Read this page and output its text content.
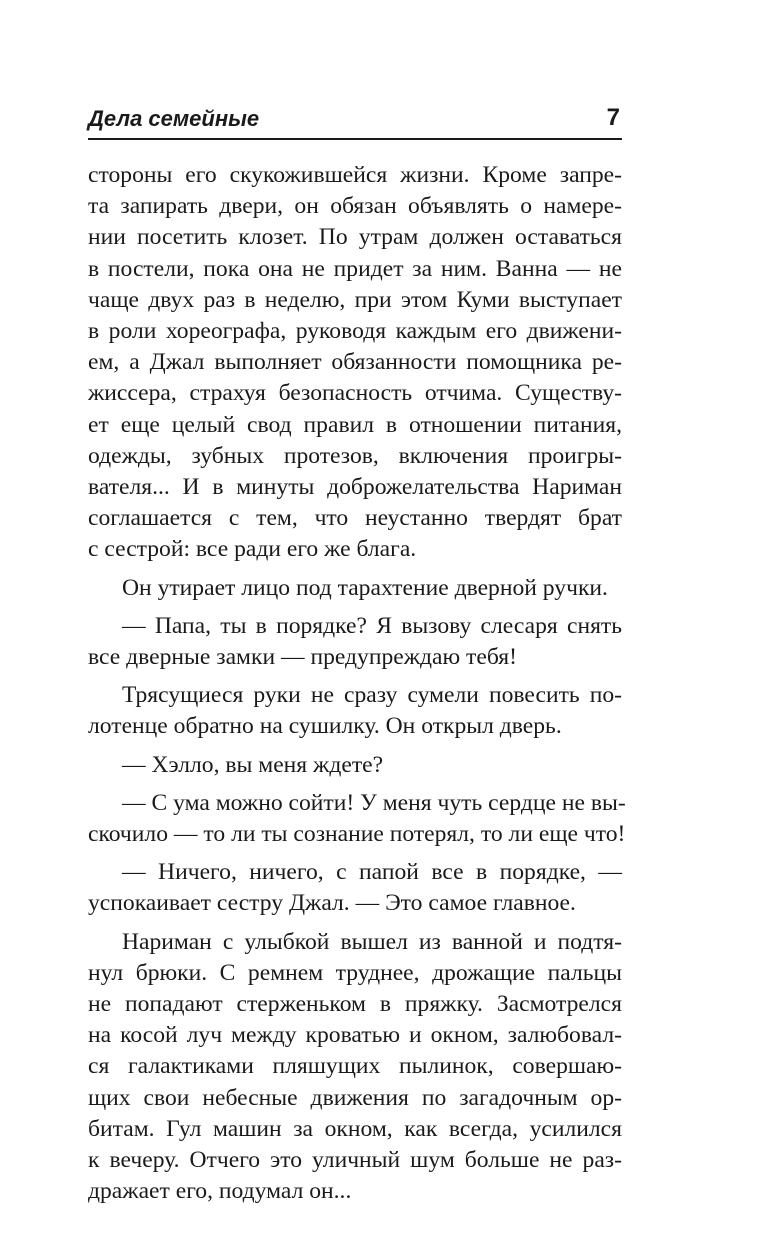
Дела семейные	7

стороны его скукожившейся жизни. Кроме запре-
та запирать двери, он обязан объявлять о намере-
нии посетить клозет. По утрам должен оставаться
в постели, пока она не придет за ним. Ванна — не
чаще двух раз в неделю, при этом Куми выступает
в роли хореографа, руководя каждым его движени-
ем, а Джал выполняет обязанности помощника ре-
жиссера, страхуя безопасность отчима. Существу-
ет еще целый свод правил в отношении питания,
одежды, зубных протезов, включения проигры-
вателя... И в минуты доброжелательства Нариман
соглашается с тем, что неустанно твердят брат
с сестрой: все ради его же блага.

Он утирает лицо под тарахтение дверной ручки.

— Папа, ты в порядке? Я вызову слесаря снять
все дверные замки — предупреждаю тебя!

Трясущиеся руки не сразу сумели повесить по-
лотенце обратно на сушилку. Он открыл дверь.

— Хэлло, вы меня ждете?

— С ума можно сойти! У меня чуть сердце не вы-
скочило — то ли ты сознание потерял, то ли еще что!

— Ничего, ничего, с папой все в порядке, —
успокаивает сестру Джал. — Это самое главное.

Нариман с улыбкой вышел из ванной и подтя-
нул брюки. С ремнем труднее, дрожащие пальцы
не попадают стерженьком в пряжку. Засмотрелся
на косой луч между кроватью и окном, залюбовал-
ся галактиками пляшущих пылинок, совершаю-
щих свои небесные движения по загадочным ор-
битам. Гул машин за окном, как всегда, усилился
к вечеру. Отчего это уличный шум больше не раз-
дражает его, подумал он...
